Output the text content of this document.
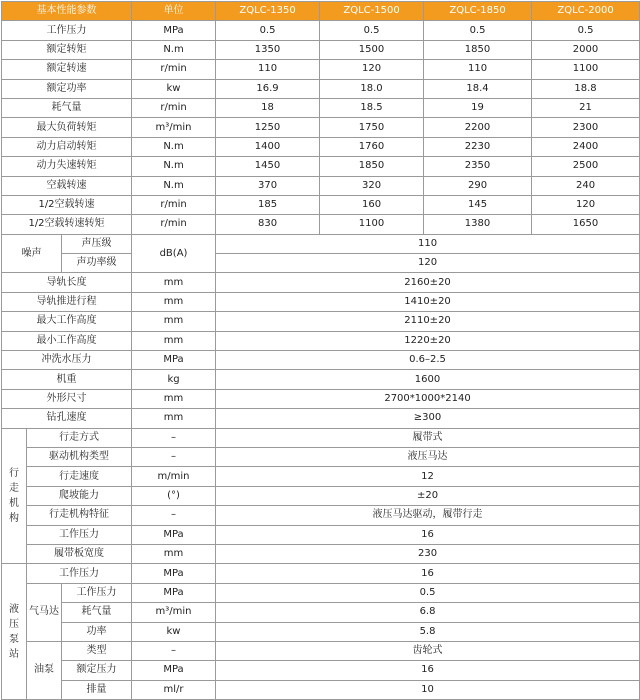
基本性能参数			单位	ZQLC-1350	ZQLC-1500	ZQLC-1850	ZQLC-2000
工作压力			MPa	0.5	0.5	0.5	0.5
额定转矩			N.m	1350	1500	1850	2000
额定转速			r/min	110	120	110	1100
额定功率			kw	16.9	18.0	18.4	18.8
耗气量			r/min	18	18.5	19	21
最大负荷转矩			m³/min	1250	1750	2200	2300
动力启动转矩			N.m	1400	1760	2230	2400
动力失速转矩			N.m	1450	1850	2350	2500
空载转速			N.m	370	320	290	240
1/2空载转速			r/min	185	160	145	120
1/2空载转速转矩			r/min	830	1100	1380	1650
噪声		声压级	dB(A)	110			
		声功率级		120			
导轨长度			mm	2160±20			
导轨推进行程			mm	1410±20			
最大工作高度			mm	2110±20			
最小工作高度			mm	1220±20			
冲洗水压力			MPa	0.6–2.5			
机重			kg	1600			
外形尺寸			mm	2700*1000*2140			
钻孔速度			mm	≥300			
行
走
机
构	行走方式		–	履带式			
	驱动机构类型		–	液压马达			
	行走速度		m/min	12			
	爬坡能力		(°)	±20			
	行走机构特征		–	液压马达驱动，履带行走			
	工作压力		MPa	16			
	履带板宽度		mm	230			
液
压
泵
站	工作压力		MPa	16			
	气马达	工作压力	MPa	0.5			
		耗气量	m³/min	6.8			
		功率	kw	5.8			
	油泵	类型	–	齿轮式			
		额定压力	MPa	16			
		排量	ml/r	10			
